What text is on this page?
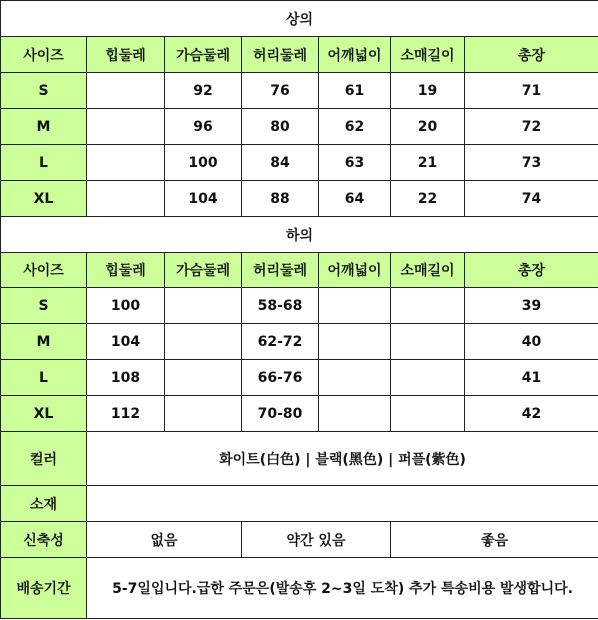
상의						
사이즈	힙둘레	가슴둘레	허리둘레	어깨넓이	소매길이	총장
S		92	76	61	19	71
M		96	80	62	20	72
L		100	84	63	21	73
XL		104	88	64	22	74
하의						
사이즈	힙둘레	가슴둘레	허리둘레	어깨넓이	소매길이	총장
S	100		58-68			39
M	104		62-72			40
L	108		66-76			41
XL	112		70-80			42
컬러	화이트(白色) | 블랙(黑色) | 퍼플(紫色)					
소재						
신축성	없음		약간 있음		좋음	
배송기간	5-7일입니다.급한 주문은(발송후 2~3일 도착) 추가 특송비용 발생합니다.					
